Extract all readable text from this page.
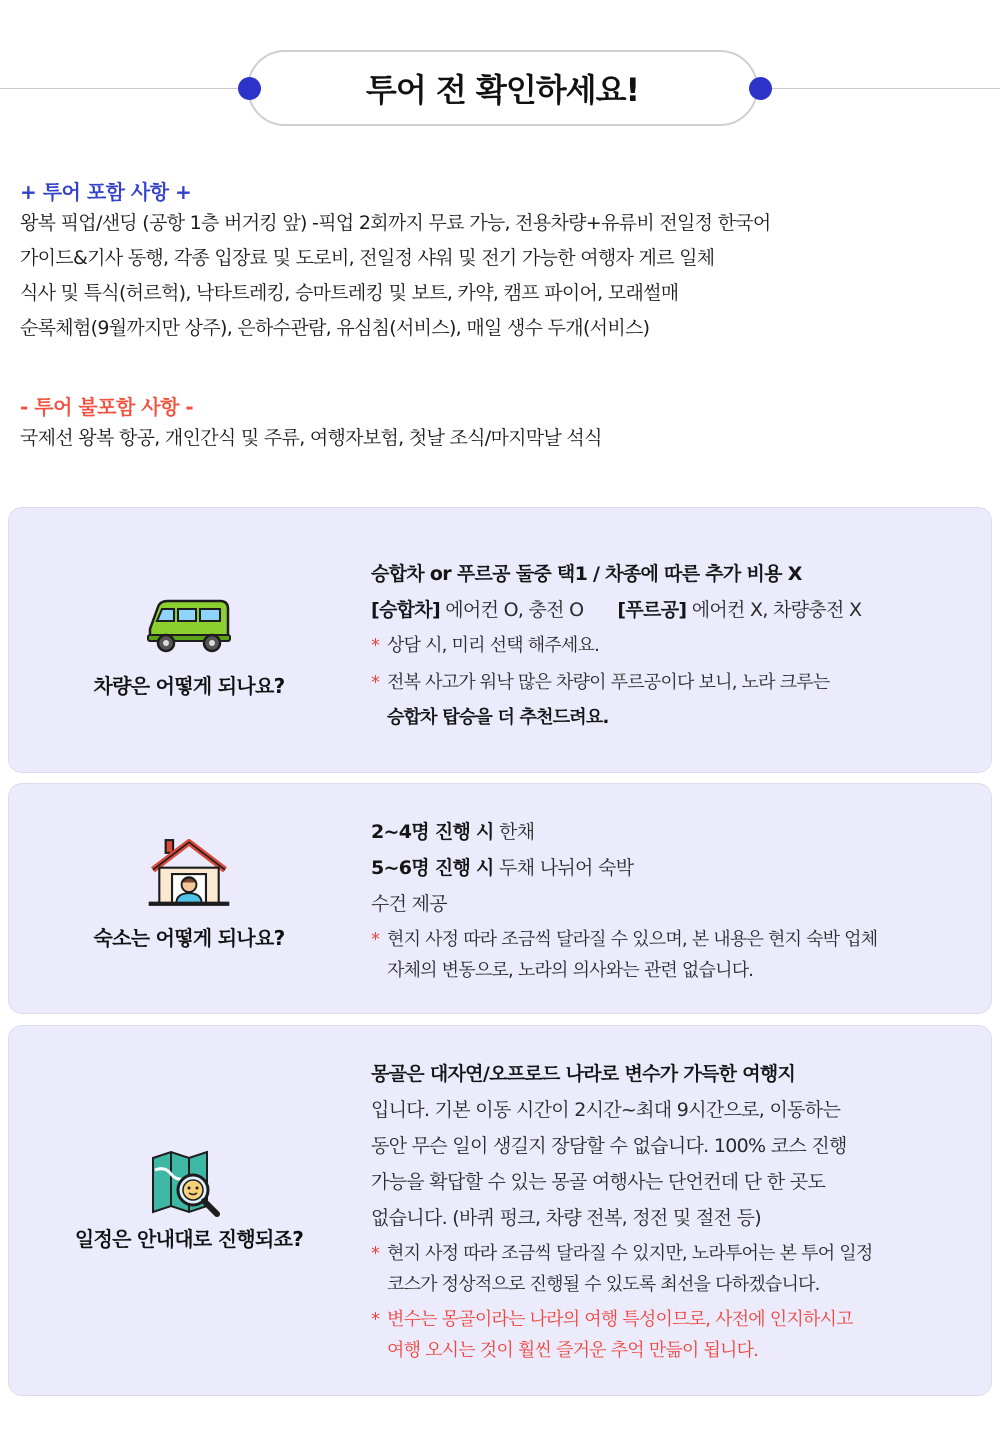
투어 전 확인하세요!
+ 투어 포함 사항 +
왕복 픽업/샌딩 (공항 1층 버거킹 앞) -픽업 2회까지 무료 가능, 전용차량+유류비 전일정 한국어
가이드&기사 동행, 각종 입장료 및 도로비, 전일정 샤워 및 전기 가능한 여행자 게르 일체
식사 및 특식(허르헉), 낙타트레킹, 승마트레킹 및 보트, 카약, 캠프 파이어, 모래썰매
순록체험(9월까지만 상주), 은하수관람, 유심침(서비스), 매일 생수 두개(서비스)
- 투어 불포함 사항 -
국제선 왕복 항공, 개인간식 및 주류, 여행자보험, 첫날 조식/마지막날 석식
차량은 어떻게 되나요?
승합차 or 푸르공 둘중 택1 / 차종에 따른 추가 비용 X
[승합차] 에어컨 O, 충전 O [푸르공] 에어컨 X, 차량충전 X
* 상담 시, 미리 선택 해주세요.
* 전복 사고가 워낙 많은 차량이 푸르공이다 보니, 노라 크루는
승합차 탑승을 더 추천드려요.
숙소는 어떻게 되나요?
2~4명 진행 시 한채
5~6명 진행 시 두채 나뉘어 숙박
수건 제공
* 현지 사정 따라 조금씩 달라질 수 있으며, 본 내용은 현지 숙박 업체
자체의 변동으로, 노라의 의사와는 관련 없습니다.
일정은 안내대로 진행되죠?
몽골은 대자연/오프로드 나라로 변수가 가득한 여행지
입니다. 기본 이동 시간이 2시간~최대 9시간으로, 이동하는
동안 무슨 일이 생길지 장담할 수 없습니다. 100% 코스 진행
가능을 확답할 수 있는 몽골 여행사는 단언컨데 단 한 곳도
없습니다. (바퀴 펑크, 차량 전복, 정전 및 절전 등)
* 현지 사정 따라 조금씩 달라질 수 있지만, 노라투어는 본 투어 일정
코스가 정상적으로 진행될 수 있도록 최선을 다하겠습니다.
* 변수는 몽골이라는 나라의 여행 특성이므로, 사전에 인지하시고
여행 오시는 것이 훨씬 즐거운 추억 만듦이 됩니다.
